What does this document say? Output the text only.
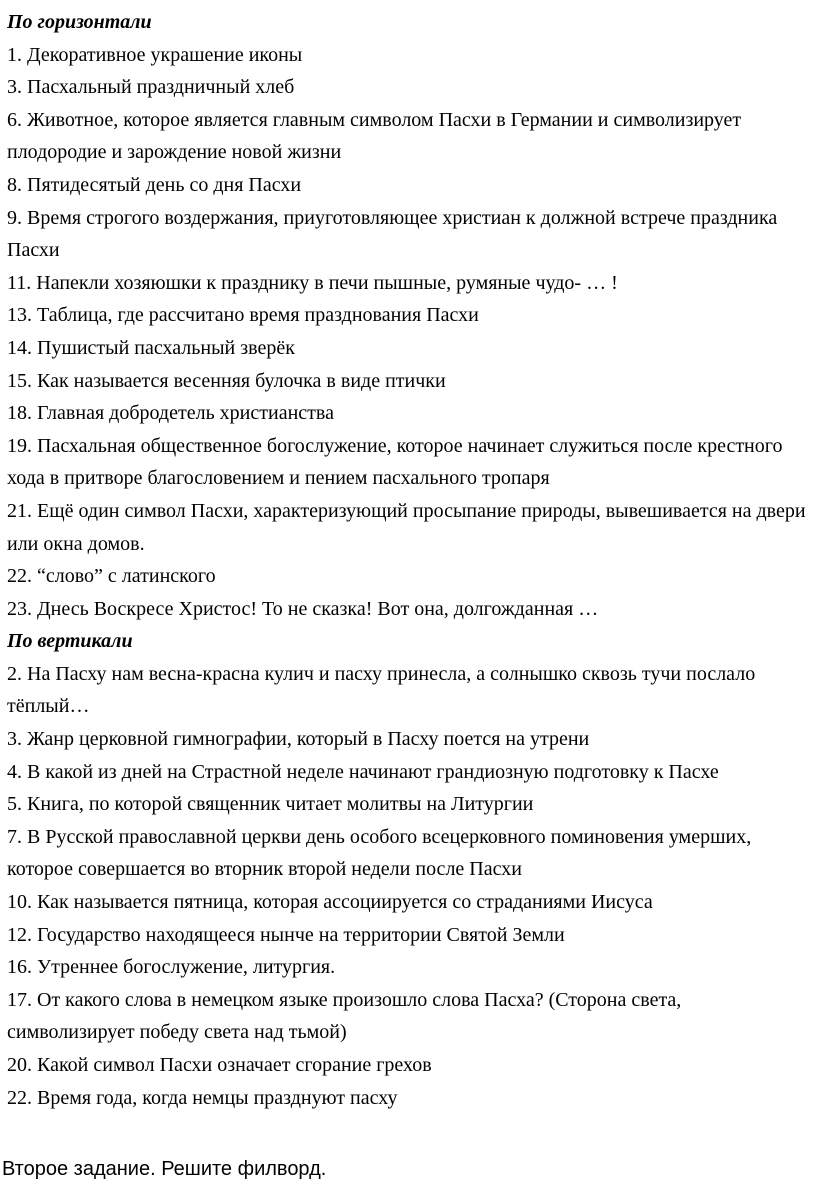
По горизонтали
1. Декоративное украшение иконы
3. Пасхальный праздничный хлеб
6. Животное, которое является главным символом Пасхи в Германии и символизирует плодородие и зарождение новой жизни
8. Пятидесятый день со дня Пасхи
9. Время строгого воздержания, приуготовляющее христиан к должной встрече праздника Пасхи
11. Напекли хозяюшки к празднику в печи пышные, румяные чудо- … !
13. Таблица, где рассчитано время празднования Пасхи
14. Пушистый пасхальный зверёк
15. Как называется весенняя булочка в виде птички
18. Главная добродетель христианства
19. Пасхальная общественное богослужение, которое начинает служиться после крестного хода в притворе благословением и пением пасхального тропаря
21. Ещё один символ Пасхи, характеризующий просыпание природы, вывешивается на двери или окна домов.
22. “слово” с латинского
23. Днесь Воскресе Христос! То не сказка! Вот она, долгожданная …
По вертикали
2. На Пасху нам весна-красна кулич и пасху принесла, а солнышко сквозь тучи послало тёплый…
3. Жанр церковной гимнографии, который в Пасху поется на утрени
4. В какой из дней на Страстной неделе начинают грандиозную подготовку к Пасхе
5. Книга, по которой священник читает молитвы на Литургии
7. В Русской православной церкви день особого всецерковного поминовения умерших, которое совершается во вторник второй недели после Пасхи
10. Как называется пятница, которая ассоциируется со страданиями Иисуса
12. Государство находящееся нынче на территории Святой Земли
16. Утреннее богослужение, литургия.
17. От какого слова в немецком языке произошло слова Пасха? (Сторона света, символизирует победу света над тьмой)
20. Какой символ Пасхи означает сгорание грехов
22. Время года, когда немцы празднуют пасху
Второе задание. Решите филворд.
